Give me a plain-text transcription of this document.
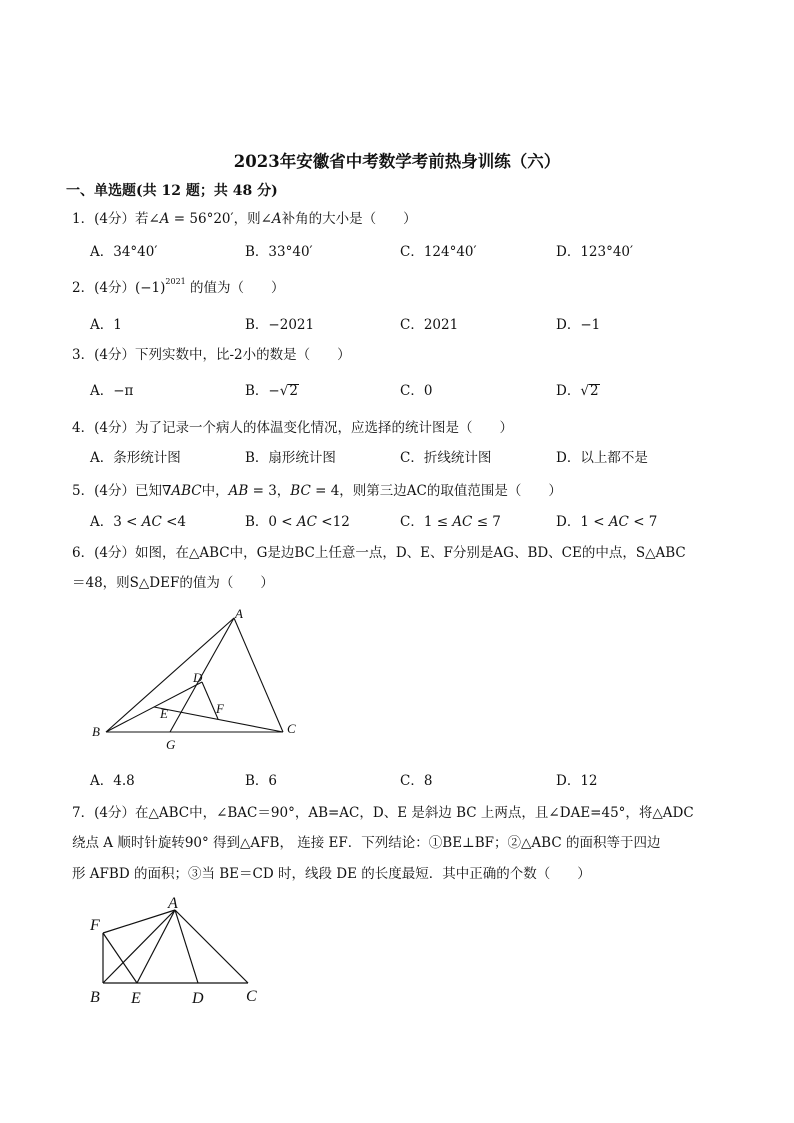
2023年安徽省中考数学考前热身训练（六）
一、单选题(共 12 题；共 48 分)
1．(4分）若∠A = 56°20′，则∠A补角的大小是（　　）
A．34°40′	B．33°40′	C．124°40′	D．123°40′
2．(4分）$(-1)^{2021}$ 的值为（　　）
A．1	B．−2021	C．2021	D．−1
3．(4分）下列实数中，比-2小的数是（　　）
A．−π	B．−√2	C．0	D．√2
4．(4分）为了记录一个病人的体温变化情况，应选择的统计图是（　　）
A．条形统计图	B．扇形统计图	C．折线统计图	D．以上都不是
5．(4分）已知∇ABC中，AB = 3，BC = 4，则第三边AC的取值范围是（　　）
A．3 < AC <4	B．0 < AC <12	C．1 ≤ AC ≤ 7	D．1 < AC < 7
6．(4分）如图，在△ABC中，G是边BC上任意一点，D、E、F分别是AG、BD、CE的中点，S△ABC
＝48，则S△DEF的值为（　　）
A
B	C
D
E	F
G
A．4.8	B．6	C．8	D．12
7．(4分）在△ABC中，∠BAC＝90°，AB=AC，D、E 是斜边 BC 上两点，且∠DAE=45°，将△ADC
绕点 A 顺时针旋转90° 得到△AFB， 连接 EF．下列结论：①BE⊥BF；②△ABC 的面积等于四边
形 AFBD 的面积；③当 BE＝CD 时，线段 DE 的长度最短．其中正确的个数（　　）
A
F
B E	D	C
